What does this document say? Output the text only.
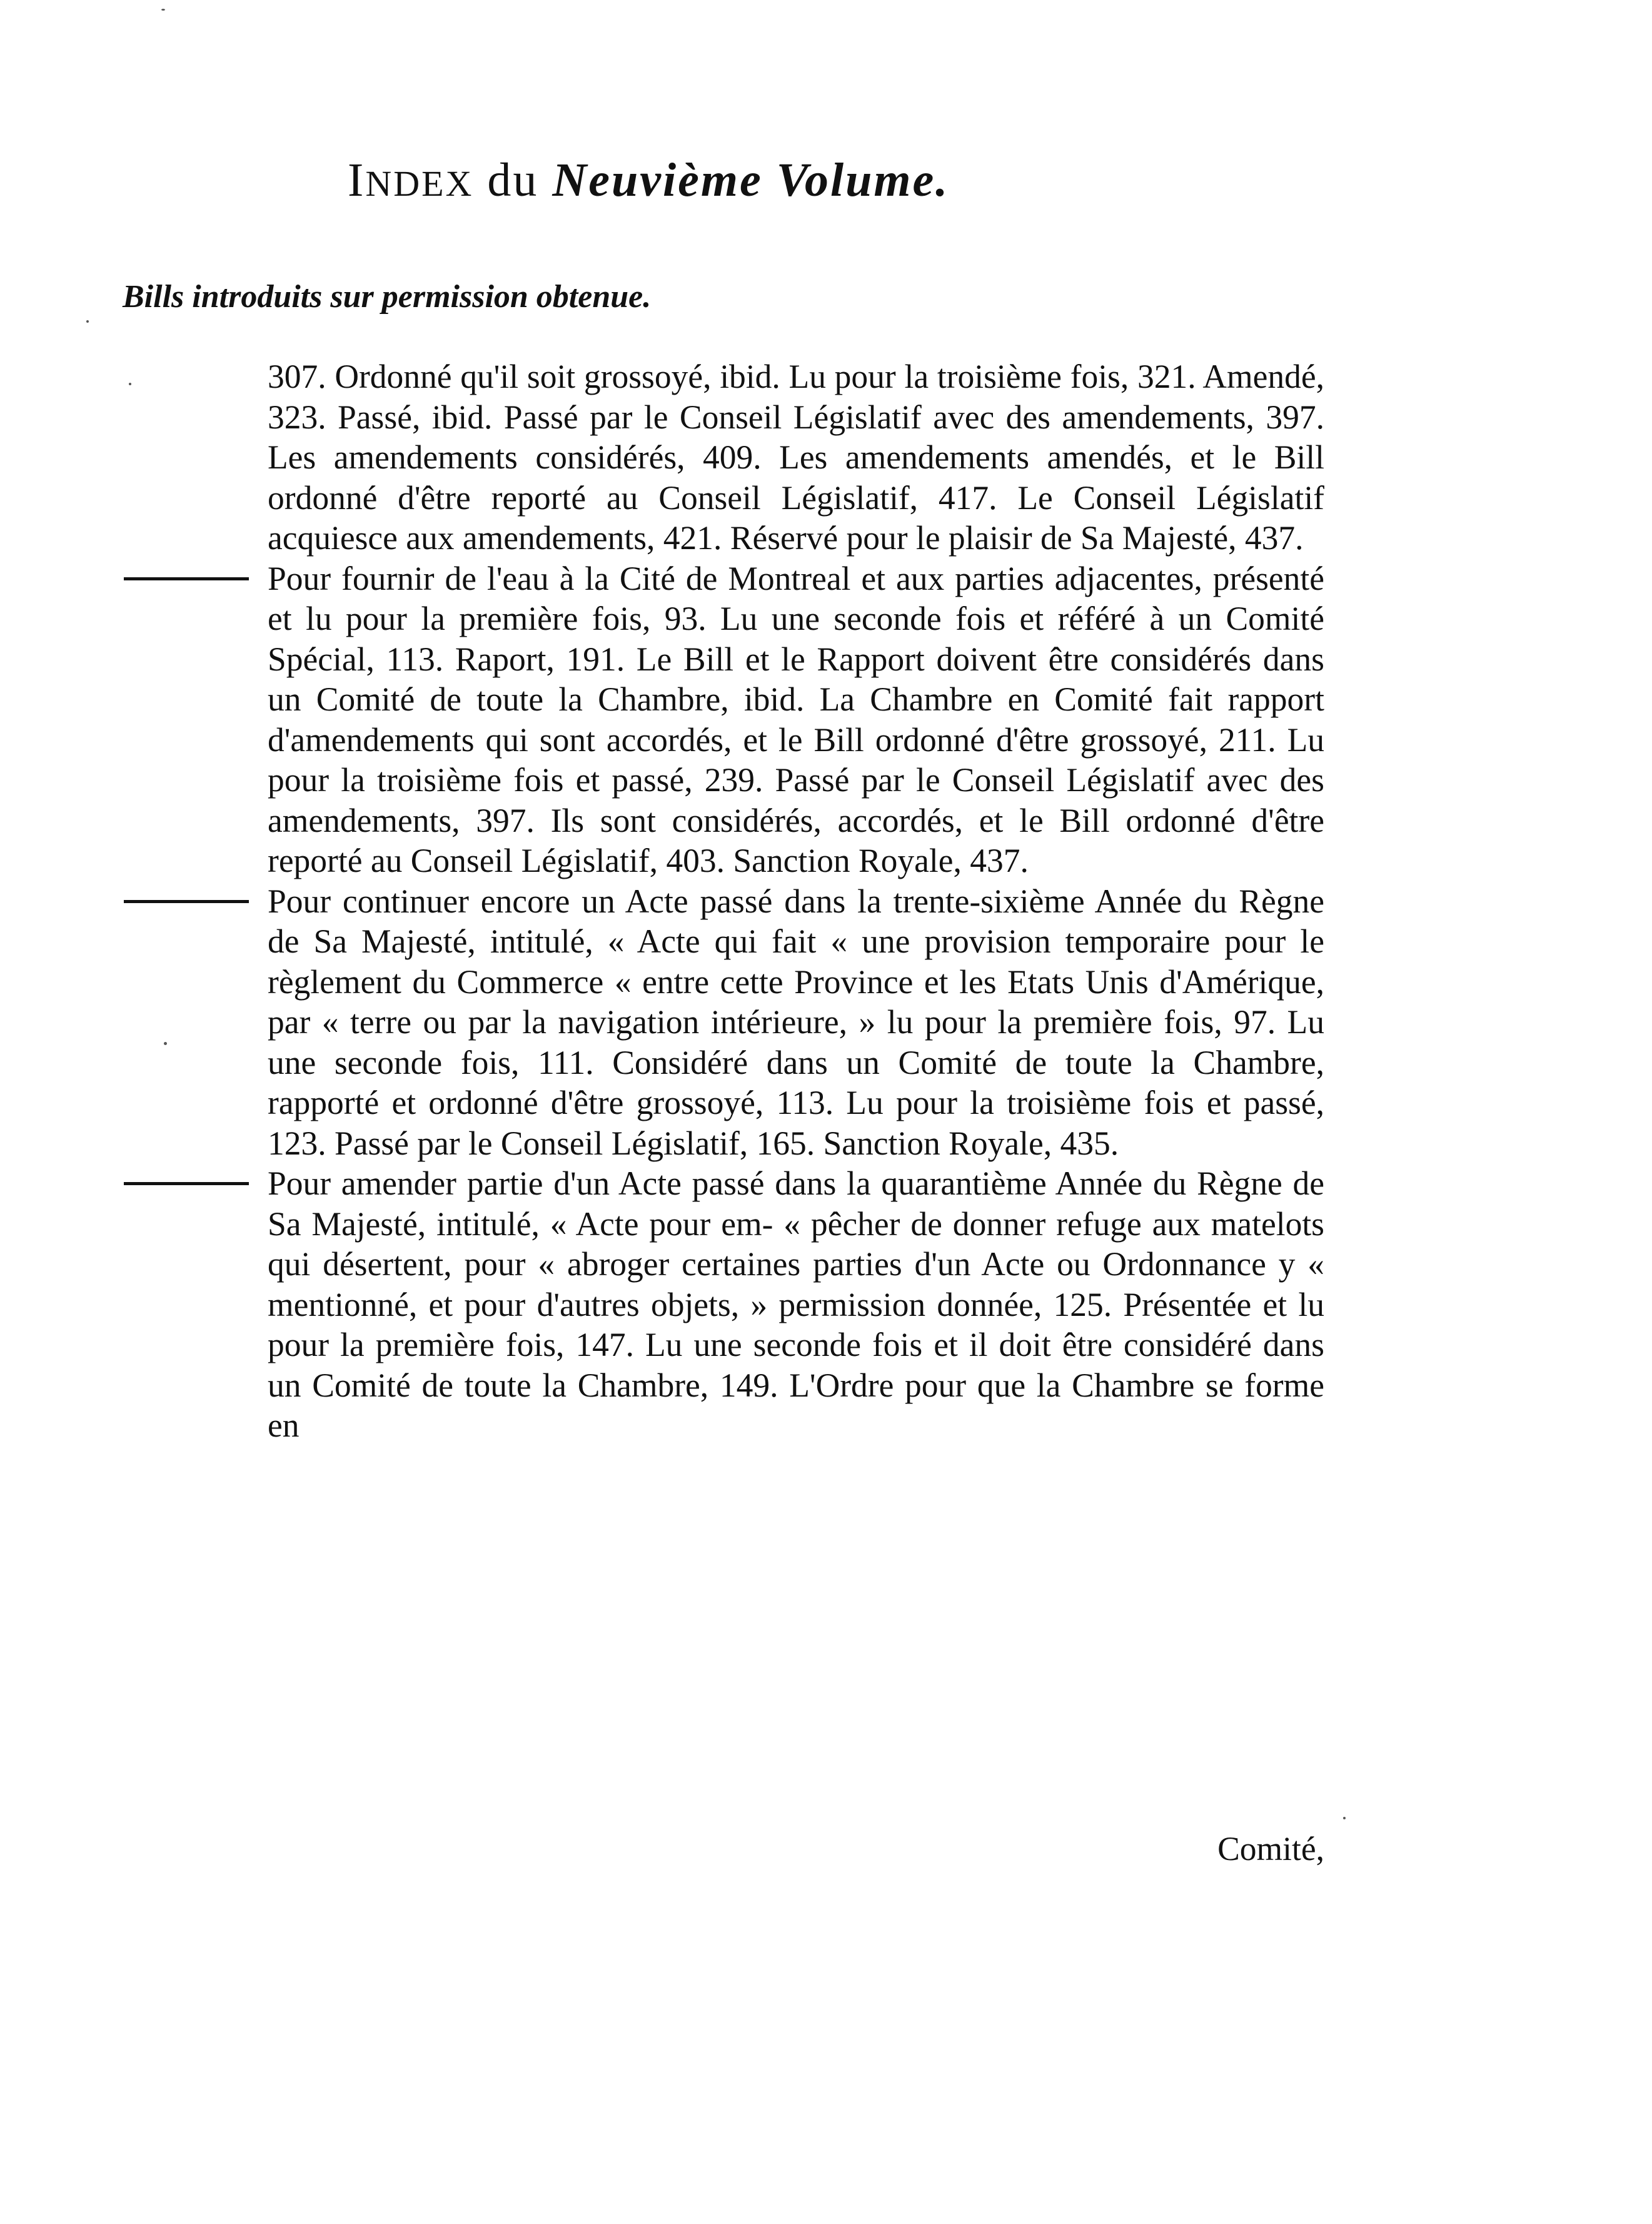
INDEX du Neuvième Volume.
Bills introduits sur permission obtenue.

307. Ordonné qu'il soit grossoyé, ibid. Lu pour la troisième fois, 321. Amendé, 323. Passé, ibid. Passé par le Conseil Législatif avec des amendements, 397. Les amendements considérés, 409. Les amendements amendés, et le Bill ordonné d'être reporté au Conseil Législatif, 417. Le Conseil Législatif acquiesce aux amendements, 421. Réservé pour le plaisir de Sa Majesté, 437.

Pour fournir de l'eau à la Cité de Montreal et aux parties adjacentes, présenté et lu pour la première fois, 93. Lu une seconde fois et référé à un Comité Spécial, 113. Raport, 191. Le Bill et le Rapport doivent être considérés dans un Comité de toute la Chambre, ibid. La Chambre en Comité fait rapport d'amendements qui sont accordés, et le Bill ordonné d'être grossoyé, 211. Lu pour la troisième fois et passé, 239. Passé par le Conseil Législatif avec des amendements, 397. Ils sont considérés, accordés, et le Bill ordonné d'être reporté au Conseil Législatif, 403. Sanction Royale, 437.

Pour continuer encore un Acte passé dans la trente-sixième Année du Règne de Sa Majesté, intitulé, « Acte qui fait « une provision temporaire pour le règlement du Commerce « entre cette Province et les Etats Unis d'Amérique, par « terre ou par la navigation intérieure, » lu pour la première fois, 97. Lu une seconde fois, 111. Considéré dans un Comité de toute la Chambre, rapporté et ordonné d'être grossoyé, 113. Lu pour la troisième fois et passé, 123. Passé par le Conseil Législatif, 165. Sanction Royale, 435.

Pour amender partie d'un Acte passé dans la quarantième Année du Règne de Sa Majesté, intitulé, « Acte pour em- « pêcher de donner refuge aux matelots qui désertent, pour « abroger certaines parties d'un Acte ou Ordonnance y « mentionné, et pour d'autres objets, » permission donnée, 125. Présentée et lu pour la première fois, 147. Lu une seconde fois et il doit être considéré dans un Comité de toute la Chambre, 149. L'Ordre pour que la Chambre se forme en

Comité,
